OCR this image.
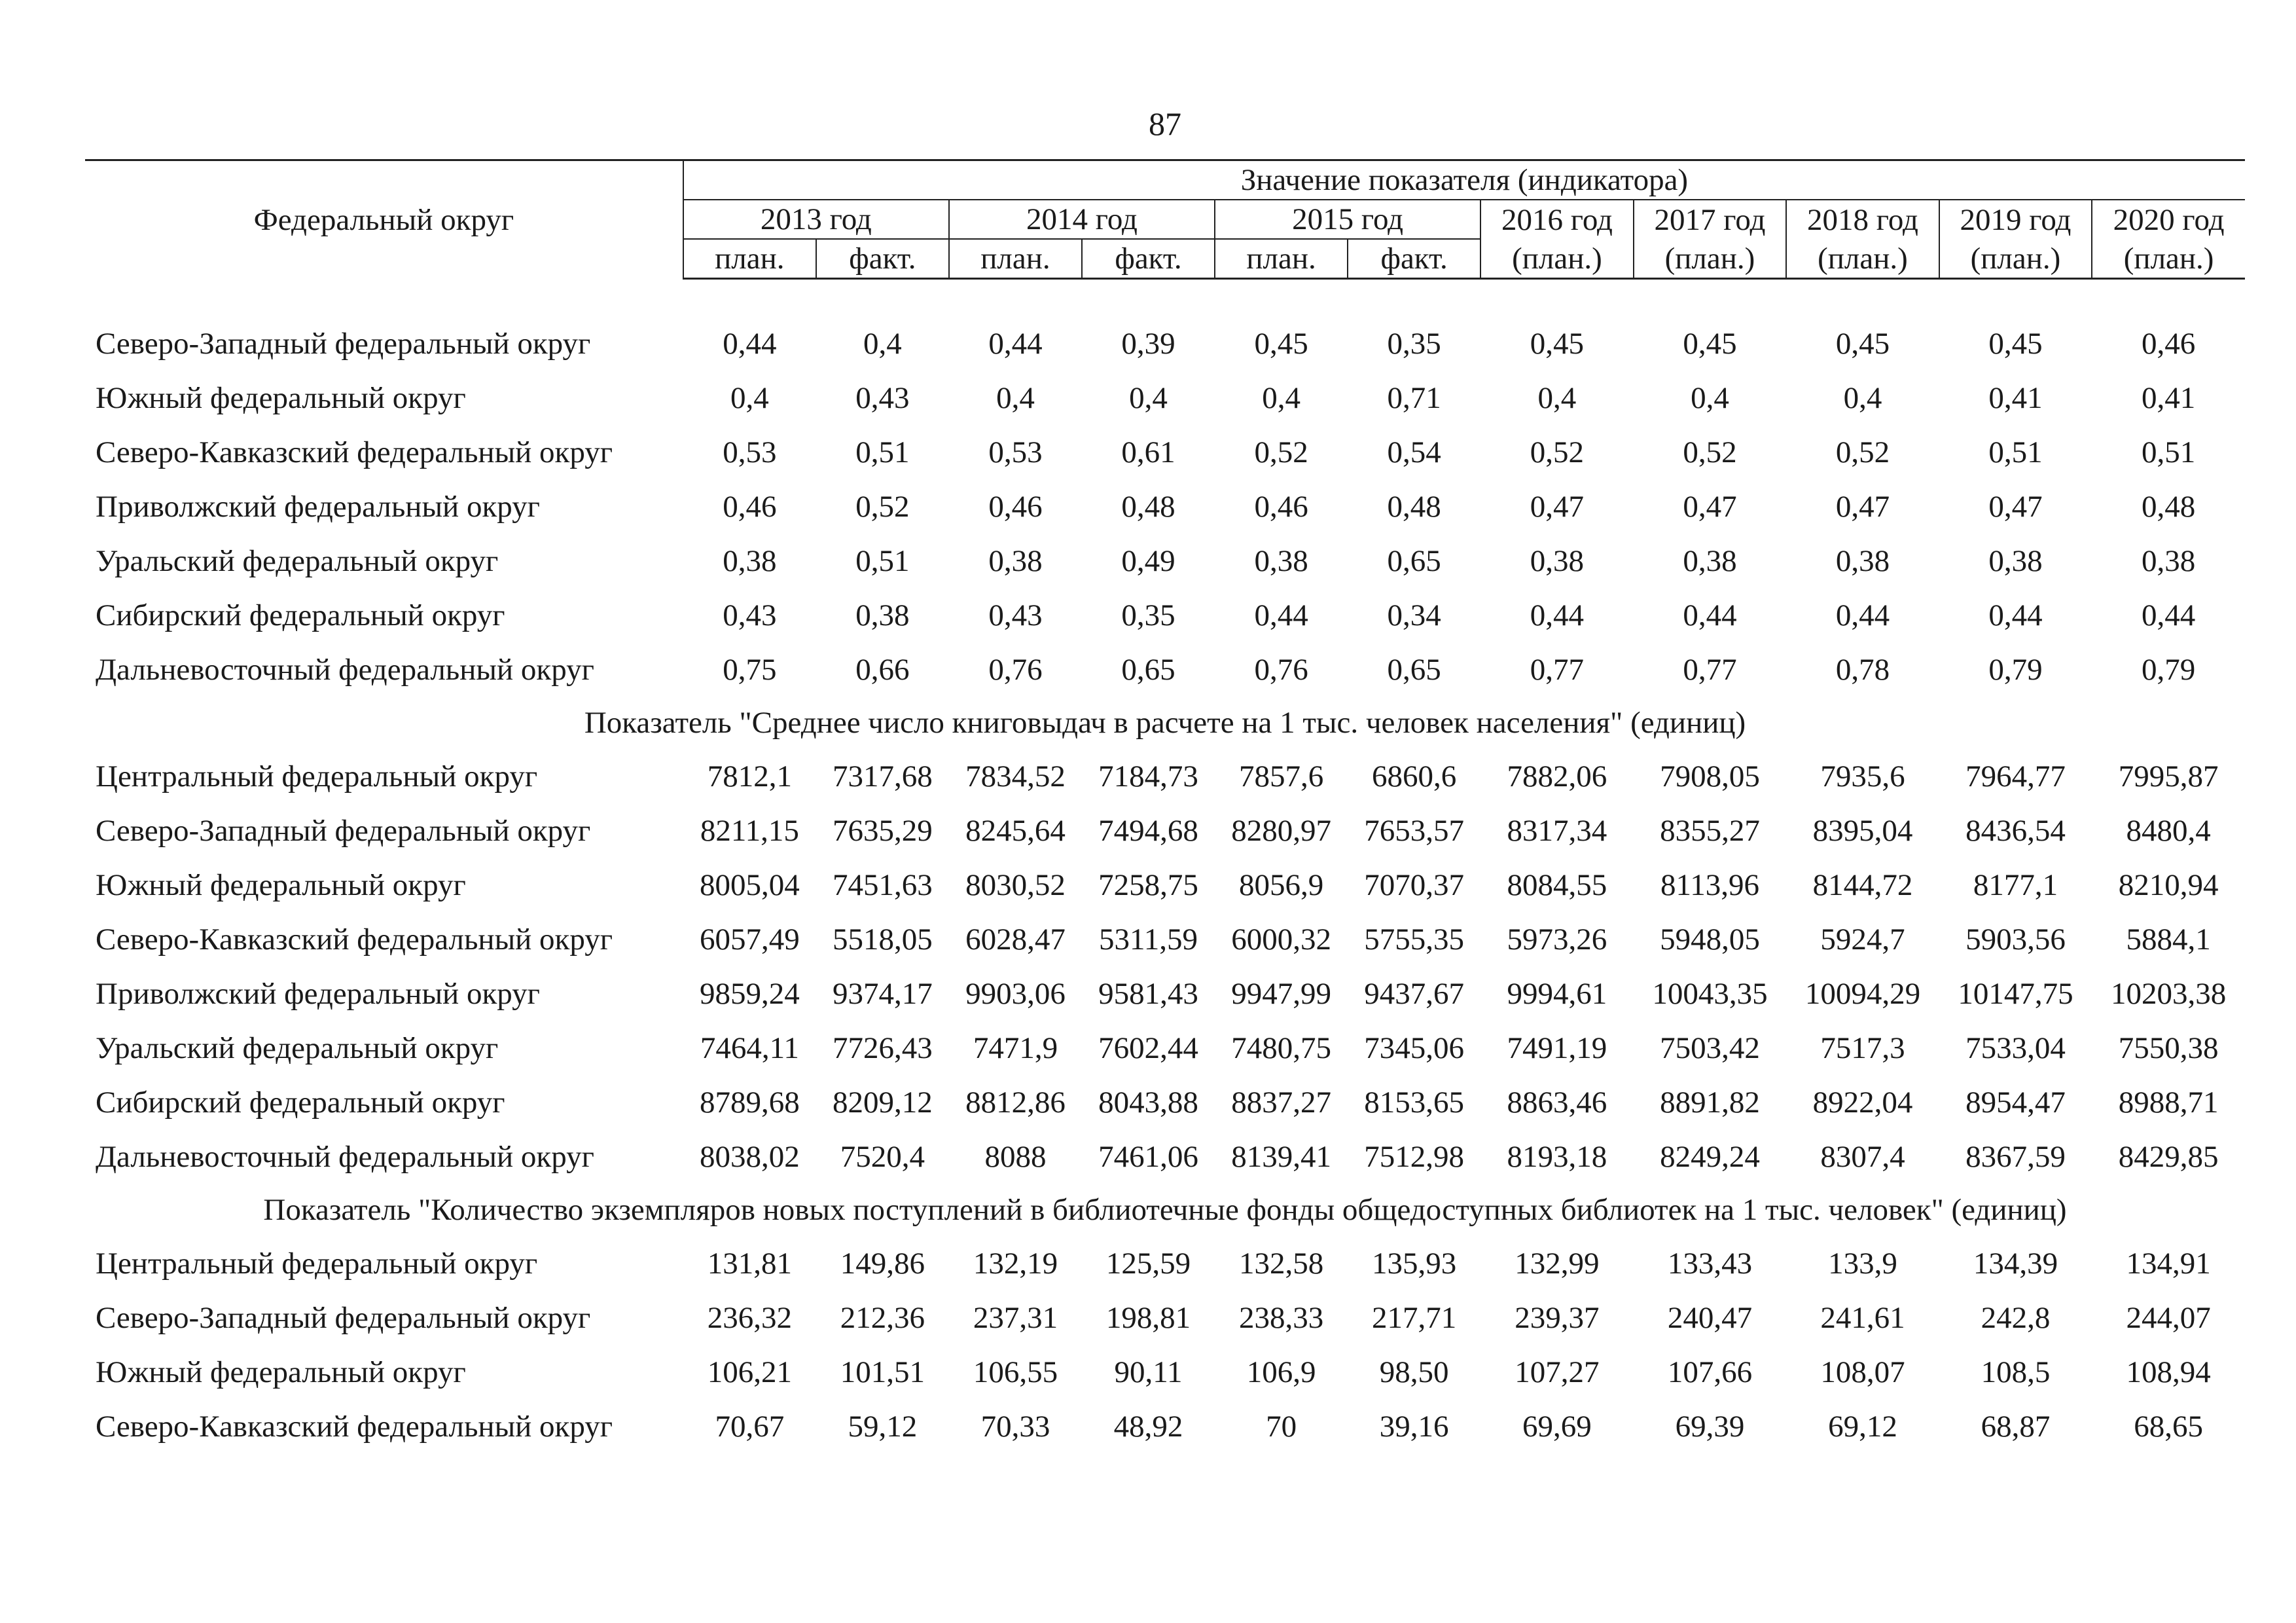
87
Федеральный округ	Значение показателя (индикатора)										
	2013 год		2014 год		2015 год		2016 год	2017 год	2018 год	2019 год	2020 год
	план.	факт.	план.	факт.	план.	факт.	(план.)	(план.)	(план.)	(план.)	(план.)

Северо-Западный федеральный округ	0,44	0,4	0,44	0,39	0,45	0,35	0,45	0,45	0,45	0,45	0,46
Южный федеральный округ	0,4	0,43	0,4	0,4	0,4	0,71	0,4	0,4	0,4	0,41	0,41
Северо-Кавказский федеральный округ	0,53	0,51	0,53	0,61	0,52	0,54	0,52	0,52	0,52	0,51	0,51
Приволжский федеральный округ	0,46	0,52	0,46	0,48	0,46	0,48	0,47	0,47	0,47	0,47	0,48
Уральский федеральный округ	0,38	0,51	0,38	0,49	0,38	0,65	0,38	0,38	0,38	0,38	0,38
Сибирский федеральный округ	0,43	0,38	0,43	0,35	0,44	0,34	0,44	0,44	0,44	0,44	0,44
Дальневосточный федеральный округ	0,75	0,66	0,76	0,65	0,76	0,65	0,77	0,77	0,78	0,79	0,79
Показатель "Среднее число книговыдач в расчете на 1 тыс. человек населения" (единиц)											
Центральный федеральный округ	7812,1	7317,68	7834,52	7184,73	7857,6	6860,6	7882,06	7908,05	7935,6	7964,77	7995,87
Северо-Западный федеральный округ	8211,15	7635,29	8245,64	7494,68	8280,97	7653,57	8317,34	8355,27	8395,04	8436,54	8480,4
Южный федеральный округ	8005,04	7451,63	8030,52	7258,75	8056,9	7070,37	8084,55	8113,96	8144,72	8177,1	8210,94
Северо-Кавказский федеральный округ	6057,49	5518,05	6028,47	5311,59	6000,32	5755,35	5973,26	5948,05	5924,7	5903,56	5884,1
Приволжский федеральный округ	9859,24	9374,17	9903,06	9581,43	9947,99	9437,67	9994,61	10043,35	10094,29	10147,75	10203,38
Уральский федеральный округ	7464,11	7726,43	7471,9	7602,44	7480,75	7345,06	7491,19	7503,42	7517,3	7533,04	7550,38
Сибирский федеральный округ	8789,68	8209,12	8812,86	8043,88	8837,27	8153,65	8863,46	8891,82	8922,04	8954,47	8988,71
Дальневосточный федеральный округ	8038,02	7520,4	8088	7461,06	8139,41	7512,98	8193,18	8249,24	8307,4	8367,59	8429,85
Показатель "Количество экземпляров новых поступлений в библиотечные фонды общедоступных библиотек на 1 тыс. человек" (единиц)											
Центральный федеральный округ	131,81	149,86	132,19	125,59	132,58	135,93	132,99	133,43	133,9	134,39	134,91
Северо-Западный федеральный округ	236,32	212,36	237,31	198,81	238,33	217,71	239,37	240,47	241,61	242,8	244,07
Южный федеральный округ	106,21	101,51	106,55	90,11	106,9	98,50	107,27	107,66	108,07	108,5	108,94
Северо-Кавказский федеральный округ	70,67	59,12	70,33	48,92	70	39,16	69,69	69,39	69,12	68,87	68,65
